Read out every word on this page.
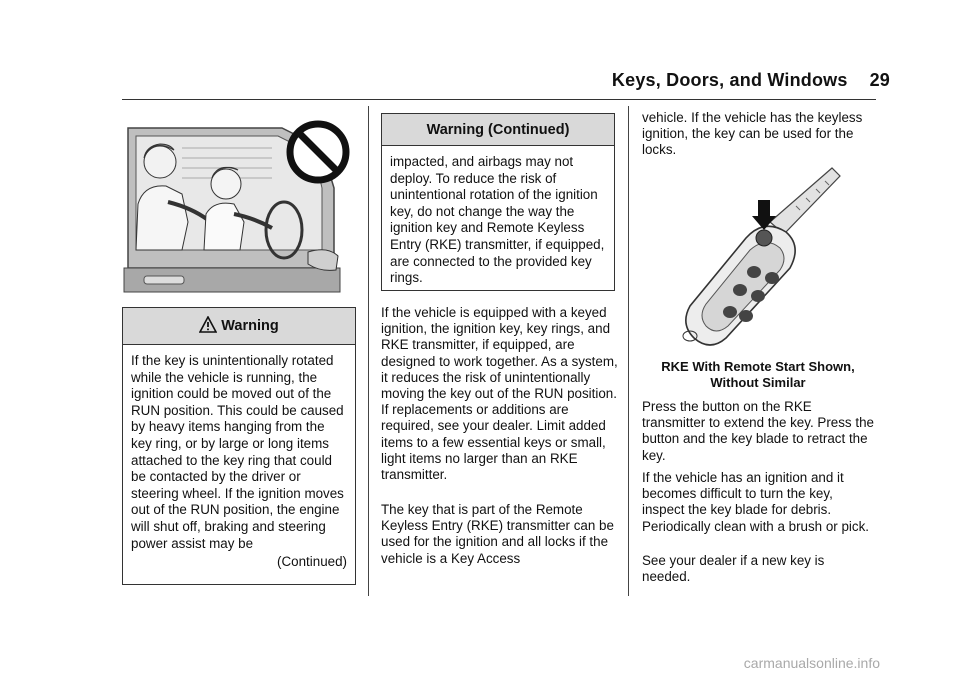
Keys, Doors, and Windows 29
Warning
If the key is unintentionally rotated while the vehicle is running, the ignition could be moved out of the RUN position. This could be caused by heavy items hanging from the key ring, or by large or long items attached to the key ring that could be contacted by the driver or steering wheel. If the ignition moves out of the RUN position, the engine will shut off, braking and steering power assist may be
(Continued)
Warning (Continued)
impacted, and airbags may not deploy. To reduce the risk of unintentional rotation of the ignition key, do not change the way the ignition key and Remote Keyless Entry (RKE) transmitter, if equipped, are connected to the provided key rings.
If the vehicle is equipped with a keyed ignition, the ignition key, key rings, and RKE transmitter, if equipped, are designed to work together. As a system, it reduces the risk of unintentionally moving the key out of the RUN position. If replacements or additions are required, see your dealer. Limit added items to a few essential keys or small, light items no larger than an RKE transmitter.
The key that is part of the Remote Keyless Entry (RKE) transmitter can be used for the ignition and all locks if the vehicle is a Key Access
vehicle. If the vehicle has the keyless ignition, the key can be used for the locks.
RKE With Remote Start Shown,
Without Similar
Press the button on the RKE transmitter to extend the key. Press the button and the key blade to retract the key.
If the vehicle has an ignition and it becomes difficult to turn the key, inspect the key blade for debris. Periodically clean with a brush or pick.
See your dealer if a new key is needed.
carmanualsonline.info
